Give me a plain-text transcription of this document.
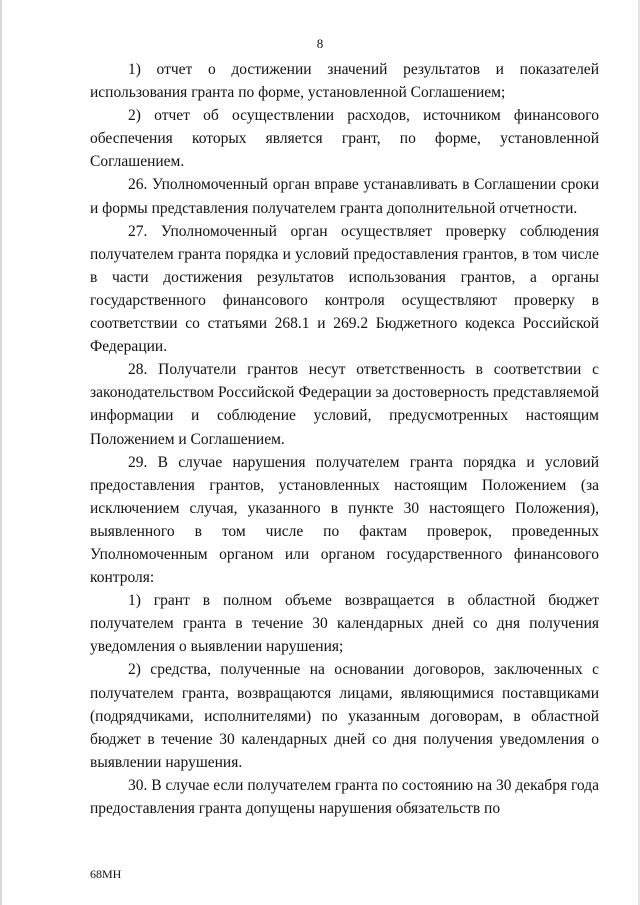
8

1) отчет о достижении значений результатов и показателей использования гранта по форме, установленной Соглашением;

2) отчет об осуществлении расходов, источником финансового обеспечения которых является грант, по форме, установленной Соглашением.

26. Уполномоченный орган вправе устанавливать в Соглашении сроки и формы представления получателем гранта дополнительной отчетности.

27. Уполномоченный орган осуществляет проверку соблюдения получателем гранта порядка и условий предоставления грантов, в том числе в части достижения результатов использования грантов, а органы государственного финансового контроля осуществляют проверку в соответствии со статьями 268.1 и 269.2 Бюджетного кодекса Российской Федерации.

28. Получатели грантов несут ответственность в соответствии с законодательством Российской Федерации за достоверность представляемой информации и соблюдение условий, предусмотренных настоящим Положением и Соглашением.

29. В случае нарушения получателем гранта порядка и условий предоставления грантов, установленных настоящим Положением (за исключением случая, указанного в пункте 30 настоящего Положения), выявленного в том числе по фактам проверок, проведенных Уполномоченным органом или органом государственного финансового контроля:

1) грант в полном объеме возвращается в областной бюджет получателем гранта в течение 30 календарных дней со дня получения уведомления о выявлении нарушения;

2) средства, полученные на основании договоров, заключенных с получателем гранта, возвращаются лицами, являющимися поставщиками (подрядчиками, исполнителями) по указанным договорам, в областной бюджет в течение 30 календарных дней со дня получения уведомления о выявлении нарушения.

30. В случае если получателем гранта по состоянию на 30 декабря года предоставления гранта допущены нарушения обязательств по

68МН
